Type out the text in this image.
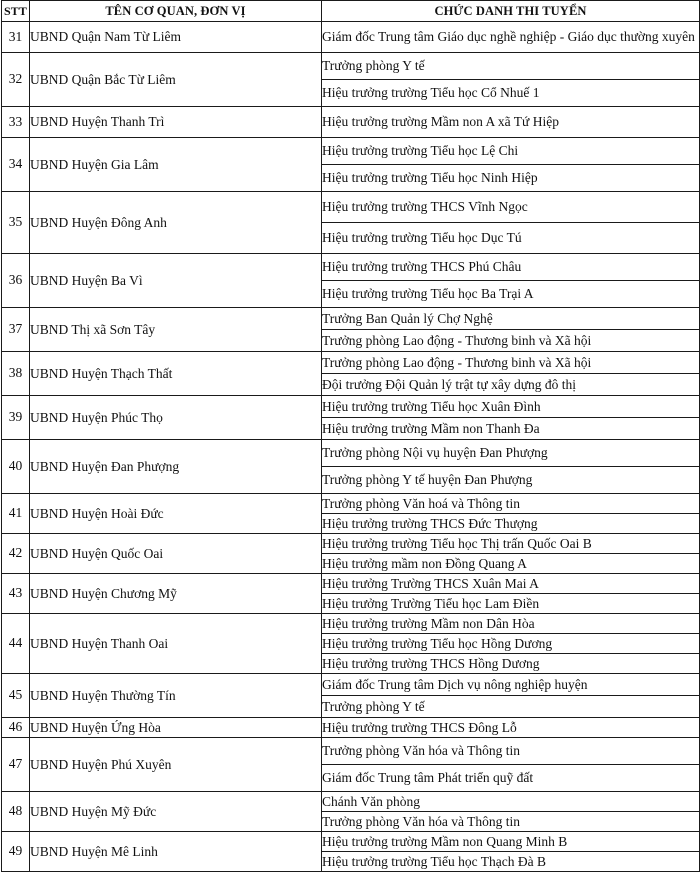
STT	TÊN CƠ QUAN, ĐƠN VỊ	CHỨC DANH THI TUYỂN
31	UBND Quận Nam Từ Liêm	Giám đốc Trung tâm Giáo dục nghề nghiệp - Giáo dục thường xuyên
32	UBND Quận Bắc Từ Liêm	Trưởng phòng Y tế
		Hiệu trưởng trường Tiểu học Cổ Nhuế 1
33	UBND Huyện Thanh Trì	Hiệu trưởng trường Mầm non A xã Tứ Hiệp
34	UBND Huyện Gia Lâm	Hiệu trưởng trường Tiểu học Lệ Chi
		Hiệu trưởng trường Tiểu học Ninh Hiệp
35	UBND Huyện Đông Anh	Hiệu trưởng trường THCS Vĩnh Ngọc
		Hiệu trưởng trường Tiểu học Dục Tú
36	UBND Huyện Ba Vì	Hiệu trưởng trường THCS Phú Châu
		Hiệu trưởng trường Tiểu học Ba Trại A
37	UBND Thị xã Sơn Tây	Trưởng Ban Quản lý Chợ Nghệ
		Trưởng phòng Lao động - Thương binh và Xã hội
38	UBND Huyện Thạch Thất	Trưởng phòng Lao động - Thương binh và Xã hội
		Đội trưởng Đội Quản lý trật tự xây dựng đô thị
39	UBND Huyện Phúc Thọ	Hiệu trưởng trường Tiểu học Xuân Đình
		Hiệu trưởng trường Mầm non Thanh Đa
40	UBND Huyện Đan Phượng	Trưởng phòng Nội vụ huyện Đan Phượng
		Trưởng phòng Y tế huyện Đan Phượng
41	UBND Huyện Hoài Đức	Trưởng phòng Văn hoá và Thông tin
		Hiệu trưởng trường THCS Đức Thượng
42	UBND Huyện Quốc Oai	Hiệu trưởng trường Tiểu học Thị trấn Quốc Oai B
		Hiệu trưởng mầm non Đồng Quang A
43	UBND Huyện Chương Mỹ	Hiệu trưởng Trường THCS Xuân Mai A
		Hiệu trưởng Trường Tiểu học Lam Điền
44	UBND Huyện Thanh Oai	Hiệu trưởng trường Mầm non Dân Hòa
		Hiệu trưởng trường Tiểu học Hồng Dương
		Hiệu trưởng trường THCS Hồng Dương
45	UBND Huyện Thường Tín	Giám đốc Trung tâm Dịch vụ nông nghiệp huyện
		Trưởng phòng Y tế
46	UBND Huyện Ứng Hòa	Hiệu trưởng trường THCS Đông Lỗ
47	UBND Huyện Phú Xuyên	Trưởng phòng Văn hóa và Thông tin
		Giám đốc Trung tâm Phát triển quỹ đất
48	UBND Huyện Mỹ Đức	Chánh Văn phòng
		Trưởng phòng Văn hóa và Thông tin
49	UBND Huyện Mê Linh	Hiệu trưởng trường Mầm non Quang Minh B
		Hiệu trưởng trường Tiểu học Thạch Đà B
